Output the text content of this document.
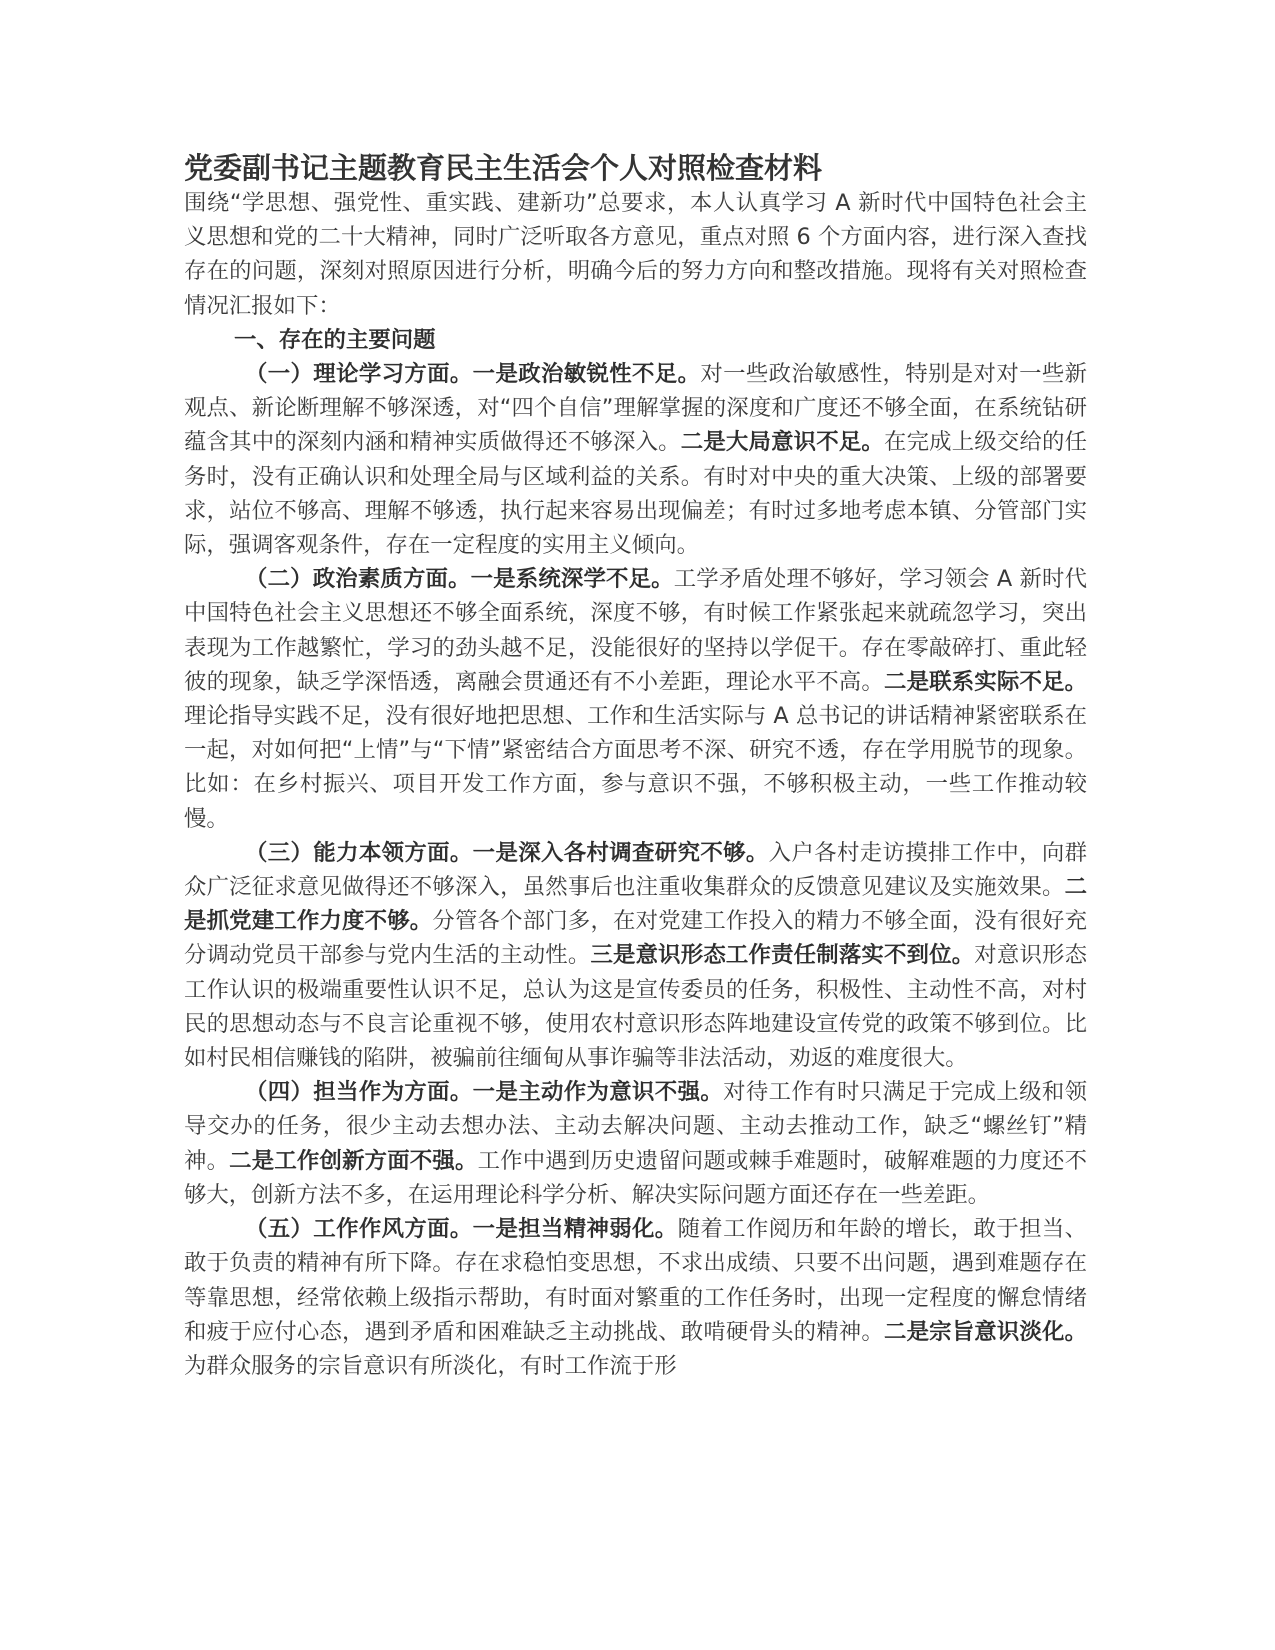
党委副书记主题教育民主生活会个人对照检查材料

围绕“学思想、强党性、重实践、建新功”总要求，本人认真学习 A 新时代中国特色社会主义思想和党的二十大精神，同时广泛听取各方意见，重点对照 6 个方面内容，进行深入查找存在的问题，深刻对照原因进行分析，明确今后的努力方向和整改措施。现将有关对照检查情况汇报如下：

一、存在的主要问题

（一）理论学习方面。一是政治敏锐性不足。对一些政治敏感性，特别是对对一些新观点、新论断理解不够深透，对“四个自信”理解掌握的深度和广度还不够全面，在系统钻研蕴含其中的深刻内涵和精神实质做得还不够深入。二是大局意识不足。在完成上级交给的任务时，没有正确认识和处理全局与区域利益的关系。有时对中央的重大决策、上级的部署要求，站位不够高、理解不够透，执行起来容易出现偏差；有时过多地考虑本镇、分管部门实际，强调客观条件，存在一定程度的实用主义倾向。

（二）政治素质方面。一是系统深学不足。工学矛盾处理不够好，学习领会 A 新时代中国特色社会主义思想还不够全面系统，深度不够，有时候工作紧张起来就疏忽学习，突出表现为工作越繁忙，学习的劲头越不足，没能很好的坚持以学促干。存在零敲碎打、重此轻彼的现象，缺乏学深悟透，离融会贯通还有不小差距，理论水平不高。二是联系实际不足。理论指导实践不足，没有很好地把思想、工作和生活实际与 A 总书记的讲话精神紧密联系在一起，对如何把“上情”与“下情”紧密结合方面思考不深、研究不透，存在学用脱节的现象。比如：在乡村振兴、项目开发工作方面，参与意识不强，不够积极主动，一些工作推动较慢。

（三）能力本领方面。一是深入各村调查研究不够。入户各村走访摸排工作中，向群众广泛征求意见做得还不够深入，虽然事后也注重收集群众的反馈意见建议及实施效果。二是抓党建工作力度不够。分管各个部门多，在对党建工作投入的精力不够全面，没有很好充分调动党员干部参与党内生活的主动性。三是意识形态工作责任制落实不到位。对意识形态工作认识的极端重要性认识不足，总认为这是宣传委员的任务，积极性、主动性不高，对村民的思想动态与不良言论重视不够，使用农村意识形态阵地建设宣传党的政策不够到位。比如村民相信赚钱的陷阱，被骗前往缅甸从事诈骗等非法活动，劝返的难度很大。

（四）担当作为方面。一是主动作为意识不强。对待工作有时只满足于完成上级和领导交办的任务，很少主动去想办法、主动去解决问题、主动去推动工作，缺乏“螺丝钉”精神。二是工作创新方面不强。工作中遇到历史遗留问题或棘手难题时，破解难题的力度还不够大，创新方法不多，在运用理论科学分析、解决实际问题方面还存在一些差距。

（五）工作作风方面。一是担当精神弱化。随着工作阅历和年龄的增长，敢于担当、敢于负责的精神有所下降。存在求稳怕变思想，不求出成绩、只要不出问题，遇到难题存在等靠思想，经常依赖上级指示帮助，有时面对繁重的工作任务时，出现一定程度的懈怠情绪和疲于应付心态，遇到矛盾和困难缺乏主动挑战、敢啃硬骨头的精神。二是宗旨意识淡化。为群众服务的宗旨意识有所淡化，有时工作流于形
